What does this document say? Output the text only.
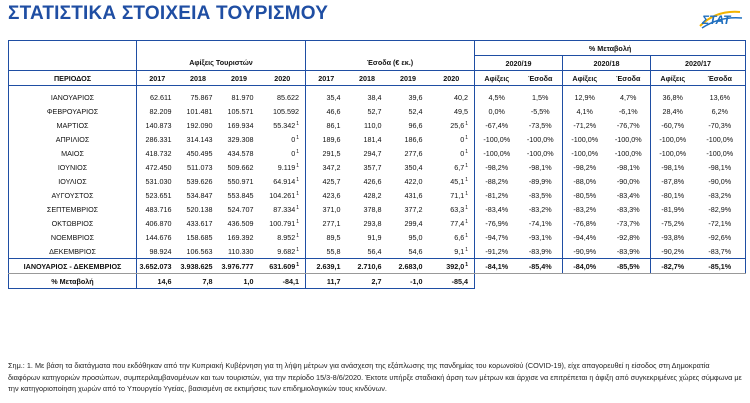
ΣΤΑΤΙΣΤΙΚΑ ΣΤΟΙΧΕΙΑ ΤΟΥΡΙΣΜΟΥ	ΣΤΑΤ
									% Μεταβολή					
	Αφίξεις Τουριστών				Έσοδα (€ εκ.)				2020/19		2020/18		2020/17	
ΠΕΡΙΟΔΟΣ	2017	2018	2019	2020	2017	2018	2019	2020	Αφίξεις	Έσοδα	Αφίξεις	Έσοδα	Αφίξεις	Έσοδα

ΙΑΝΟΥΑΡΙΟΣ	62.611	75.867	81.970	85.622	35,4	38,4	39,6	40,2	4,5%	1,5%	12,9%	4,7%	36,8%	13,6%
ΦΕΒΡΟΥΑΡΙΟΣ	82.209	101.481	105.571	105.592	46,6	52,7	52,4	49,5	0,0%	-5,5%	4,1%	-6,1%	28,4%	6,2%
ΜΑΡΤΙΟΣ	140.873	192.090	169.934	55.342$^1$	86,1	110,0	96,6	25,6$^1$	-67,4%	-73,5%	-71,2%	-76,7%	-60,7%	-70,3%
ΑΠΡΙΛΙΟΣ	286.331	314.143	329.308	$0^1$	189,6	181,4	186,6	$0^1$	-100,0%	-100,0%	-100,0%	-100,0%	-100,0%	-100,0%
ΜΑΙΟΣ	418.732	450.495	434.578	$0^1$	291,5	294,7	277,6	$0^1$	-100,0%	-100,0%	-100,0%	-100,0%	-100,0%	-100,0%
ΙΟΥΝΙΟΣ	472.450	511.073	509.662	9.119$^1$	347,2	357,7	350,4	$6,7^1$	-98,2%	-98,1%	-98,2%	-98,1%	-98,1%	-98,1%
ΙΟΥΛΙΟΣ	531.030	539.626	550.971	64.914$^1$	425,7	426,6	422,0	45,1$^1$	-88,2%	-89,9%	-88,0%	-90,0%	-87,8%	-90,0%
ΑΥΓΟΥΣΤΟΣ	523.651	534.847	553.845	104.261$^1$	423,6	428,2	431,6	71,1$^1$	-81,2%	-83,5%	-80,5%	-83,4%	-80,1%	-83,2%
ΣΕΠΤΕΜΒΡΙΟΣ	483.716	520.138	524.707	87.334$^1$	371,0	378,8	377,2	63,3$^1$	-83,4%	-83,2%	-83,2%	-83,3%	-81,9%	-82,9%
ΟΚΤΩΒΡΙΟΣ	406.870	433.617	436.509	100.791$^1$	277,1	293,8	299,4	77,4$^1$	-76,9%	-74,1%	-76,8%	-73,7%	-75,2%	-72,1%
ΝΟΕΜΒΡΙΟΣ	144.676	158.685	169.392	8.952$^1$	89,5	91,9	95,0	$6,6^1$	-94,7%	-93,1%	-94,4%	-92,8%	-93,8%	-92,6%
ΔΕΚΕΜΒΡΙΟΣ	98.924	106.563	110.330	9.682$^1$	55,8	56,4	54,6	$9,1^1$	-91,2%	-83,9%	-90,9%	-83,9%	-90,2%	-83,7%
ΙΑΝΟΥΑΡΙΟΣ - ΔΕΚΕΜΒΡΙΟΣ	3.652.073	3.938.625	3.976.777	631.609$^1$	2.639,1	2.710,6	2.683,0	392,0$^1$	-84,1%	-85,4%	-84,0%	-85,5%	-82,7%	-85,1%
% Μεταβολή	14,6	7,8	1,0	-84,1	11,7	2,7	-1,0	-85,4						
Σημ.: 1. Με βάση τα διατάγματα που εκδόθηκαν από την Κυπριακή Κυβέρνηση για τη λήψη μέτρων για ανάσχεση της εξάπλωσης της πανδημίας του κορωνοϊού (COVID-19), είχε απαγορευθεί η είσοδος στη Δημοκρατία διαφόρων κατηγοριών προσώπων, συμπεριλαμβανομένων και των τουριστών, για την περίοδο 15/3-8/6/2020. Έκτοτε υπήρξε σταδιακή άρση των μέτρων και άρχισε να επιτρέπεται η άφιξη από συγκεκριμένες χώρες σύμφωνα με την κατηγοριοποίηση χωρών από το Υπουργείο Υγείας, βασισμένη σε εκτιμήσεις των επιδημιολογικών τους κινδύνων.
